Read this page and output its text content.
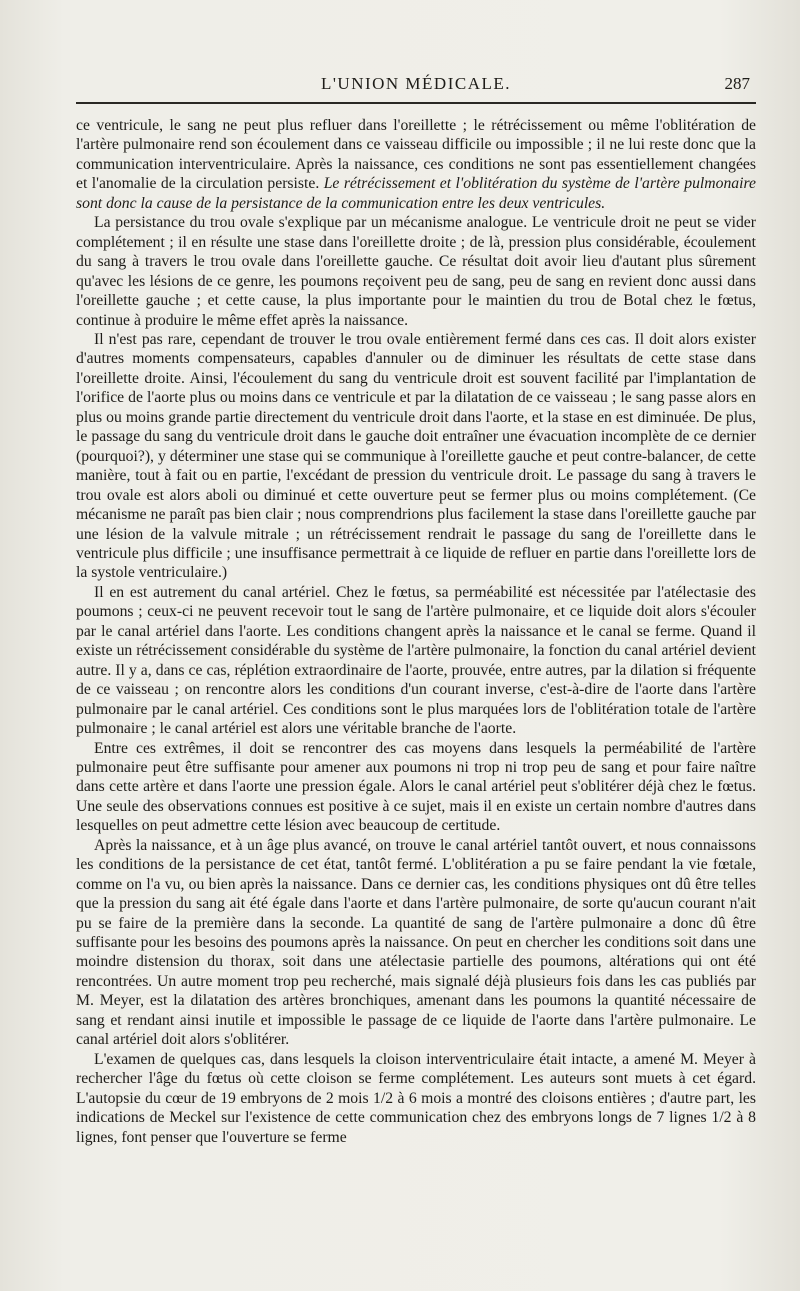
L'UNION MÉDICALE.	287

ce ventricule, le sang ne peut plus refluer dans l'oreillette ; le rétrécissement ou même l'oblitération de l'artère pulmonaire rend son écoulement dans ce vaisseau difficile ou impossible ; il ne lui reste donc que la communication interventriculaire. Après la naissance, ces conditions ne sont pas essentiellement changées et l'anomalie de la circulation persiste. Le rétrécissement et l'oblitération du système de l'artère pulmonaire sont donc la cause de la persistance de la communication entre les deux ventricules.

La persistance du trou ovale s'explique par un mécanisme analogue. Le ventricule droit ne peut se vider complétement ; il en résulte une stase dans l'oreillette droite ; de là, pression plus considérable, écoulement du sang à travers le trou ovale dans l'oreillette gauche. Ce résultat doit avoir lieu d'autant plus sûrement qu'avec les lésions de ce genre, les poumons reçoivent peu de sang, peu de sang en revient donc aussi dans l'oreillette gauche ; et cette cause, la plus importante pour le maintien du trou de Botal chez le fœtus, continue à produire le même effet après la naissance.

Il n'est pas rare, cependant de trouver le trou ovale entièrement fermé dans ces cas. Il doit alors exister d'autres moments compensateurs, capables d'annuler ou de diminuer les résultats de cette stase dans l'oreillette droite. Ainsi, l'écoulement du sang du ventricule droit est souvent facilité par l'implantation de l'orifice de l'aorte plus ou moins dans ce ventricule et par la dilatation de ce vaisseau ; le sang passe alors en plus ou moins grande partie directement du ventricule droit dans l'aorte, et la stase en est diminuée. De plus, le passage du sang du ventricule droit dans le gauche doit entraîner une évacuation incomplète de ce dernier (pourquoi?), y déterminer une stase qui se communique à l'oreillette gauche et peut contre-balancer, de cette manière, tout à fait ou en partie, l'excédant de pression du ventricule droit. Le passage du sang à travers le trou ovale est alors aboli ou diminué et cette ouverture peut se fermer plus ou moins complétement. (Ce mécanisme ne paraît pas bien clair ; nous comprendrions plus facilement la stase dans l'oreillette gauche par une lésion de la valvule mitrale ; un rétrécissement rendrait le passage du sang de l'oreillette dans le ventricule plus difficile ; une insuffisance permettrait à ce liquide de refluer en partie dans l'oreillette lors de la systole ventriculaire.)

Il en est autrement du canal artériel. Chez le fœtus, sa perméabilité est nécessitée par l'atélectasie des poumons ; ceux-ci ne peuvent recevoir tout le sang de l'artère pulmonaire, et ce liquide doit alors s'écouler par le canal artériel dans l'aorte. Les conditions changent après la naissance et le canal se ferme. Quand il existe un rétrécissement considérable du système de l'artère pulmonaire, la fonction du canal artériel devient autre. Il y a, dans ce cas, réplétion extraordinaire de l'aorte, prouvée, entre autres, par la dilation si fréquente de ce vaisseau ; on rencontre alors les conditions d'un courant inverse, c'est-à-dire de l'aorte dans l'artère pulmonaire par le canal artériel. Ces conditions sont le plus marquées lors de l'oblitération totale de l'artère pulmonaire ; le canal artériel est alors une véritable branche de l'aorte.

Entre ces extrêmes, il doit se rencontrer des cas moyens dans lesquels la perméabilité de l'artère pulmonaire peut être suffisante pour amener aux poumons ni trop ni trop peu de sang et pour faire naître dans cette artère et dans l'aorte une pression égale. Alors le canal artériel peut s'oblitérer déjà chez le fœtus. Une seule des observations connues est positive à ce sujet, mais il en existe un certain nombre d'autres dans lesquelles on peut admettre cette lésion avec beaucoup de certitude.

Après la naissance, et à un âge plus avancé, on trouve le canal artériel tantôt ouvert, et nous connaissons les conditions de la persistance de cet état, tantôt fermé. L'oblitération a pu se faire pendant la vie fœtale, comme on l'a vu, ou bien après la naissance. Dans ce dernier cas, les conditions physiques ont dû être telles que la pression du sang ait été égale dans l'aorte et dans l'artère pulmonaire, de sorte qu'aucun courant n'ait pu se faire de la première dans la seconde. La quantité de sang de l'artère pulmonaire a donc dû être suffisante pour les besoins des poumons après la naissance. On peut en chercher les conditions soit dans une moindre distension du thorax, soit dans une atélectasie partielle des poumons, altérations qui ont été rencontrées. Un autre moment trop peu recherché, mais signalé déjà plusieurs fois dans les cas publiés par M. Meyer, est la dilatation des artères bronchiques, amenant dans les poumons la quantité nécessaire de sang et rendant ainsi inutile et impossible le passage de ce liquide de l'aorte dans l'artère pulmonaire. Le canal artériel doit alors s'oblitérer.

L'examen de quelques cas, dans lesquels la cloison interventriculaire était intacte, a amené M. Meyer à rechercher l'âge du fœtus où cette cloison se ferme complétement. Les auteurs sont muets à cet égard. L'autopsie du cœur de 19 embryons de 2 mois 1/2 à 6 mois a montré des cloisons entières ; d'autre part, les indications de Meckel sur l'existence de cette communication chez des embryons longs de 7 lignes 1/2 à 8 lignes, font penser que l'ouverture se ferme
